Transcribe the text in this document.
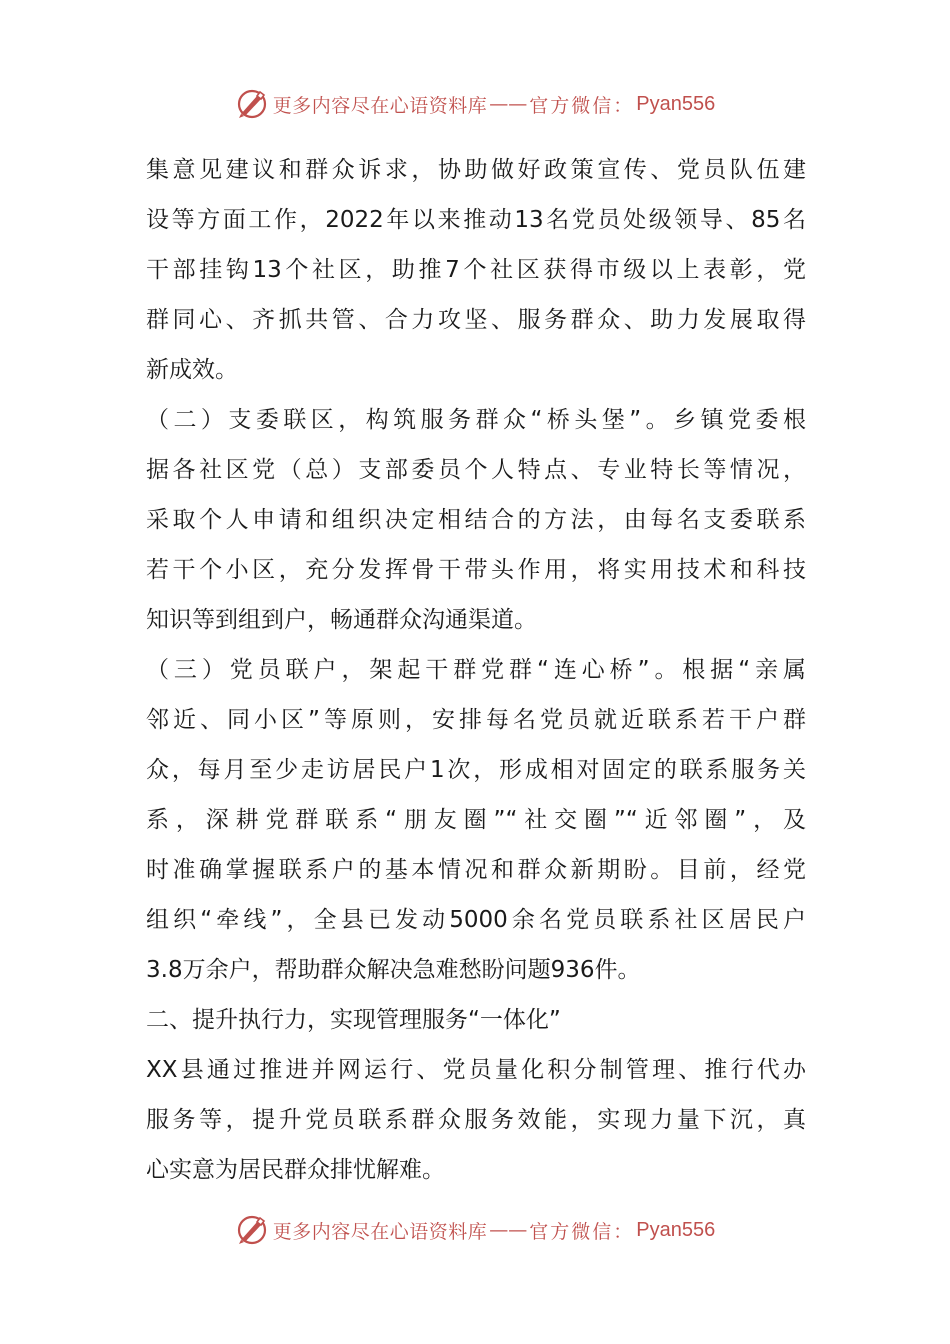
更多内容尽在心语资料库 —— 官方微信： Pyan556
集意见建议和群众诉求，协助做好政策宣传、党员队伍建
设等方面工作，2022年以来推动13名党员处级领导、85名
干部挂钩13个社区，助推7个社区获得市级以上表彰，党
群同心、齐抓共管、合力攻坚、服务群众、助力发展取得
新成效。
（二）支委联区，构筑服务群众“桥头堡”。乡镇党委根
据各社区党（总）支部委员个人特点、专业特长等情况，
采取个人申请和组织决定相结合的方法，由每名支委联系
若干个小区，充分发挥骨干带头作用，将实用技术和科技
知识等到组到户，畅通群众沟通渠道。
（三）党员联户，架起干群党群“连心桥”。根据“亲属
邻近、同小区”等原则，安排每名党员就近联系若干户群
众，每月至少走访居民户1次，形成相对固定的联系服务关
系，深耕党群联系“朋友圈”“社交圈”“近邻圈”，及
时准确掌握联系户的基本情况和群众新期盼。目前，经党
组织“牵线”，全县已发动5000余名党员联系社区居民户
3.8万余户，帮助群众解决急难愁盼问题936件。
二、提升执行力，实现管理服务“一体化”
XX县通过推进并网运行、党员量化积分制管理、推行代办
服务等，提升党员联系群众服务效能，实现力量下沉，真
心实意为居民群众排忧解难。
更多内容尽在心语资料库 —— 官方微信： Pyan556
